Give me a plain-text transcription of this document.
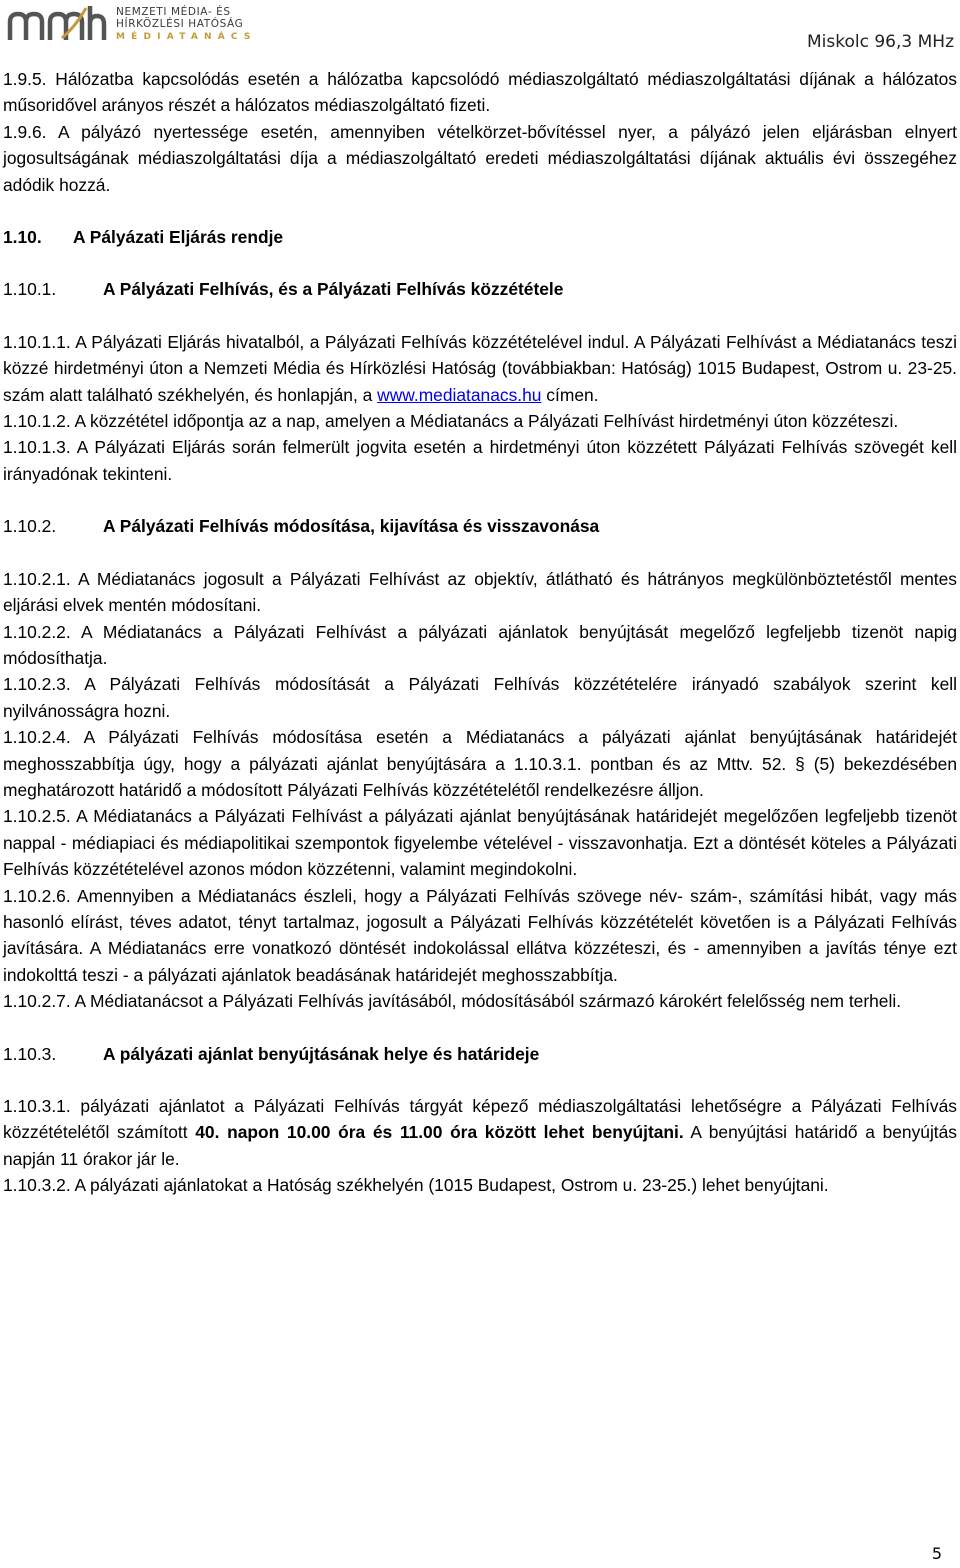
NEMZETI MÉDIA- ÉS
HÍRKÖZLÉSI HATÓSÁG
MÉDIATANÁCS	Miskolc 96,3 MHz

1.9.5. Hálózatba kapcsolódás esetén a hálózatba kapcsolódó médiaszolgáltató médiaszolgáltatási díjának a hálózatos műsoridővel arányos részét a hálózatos médiaszolgáltató fizeti.

1.9.6. A pályázó nyertessége esetén, amennyiben vételkörzet-bővítéssel nyer, a pályázó jelen eljárásban elnyert jogosultságának médiaszolgáltatási díja a médiaszolgáltató eredeti médiaszolgáltatási díjának aktuális évi összegéhez adódik hozzá.

1.10. A Pályázati Eljárás rendje

1.10.1.	A Pályázati Felhívás, és a Pályázati Felhívás közzététele

1.10.1.1. A Pályázati Eljárás hivatalból, a Pályázati Felhívás közzétételével indul. A Pályázati Felhívást a Médiatanács teszi közzé hirdetményi úton a Nemzeti Média és Hírközlési Hatóság (továbbiakban: Hatóság) 1015 Budapest, Ostrom u. 23-25. szám alatt található székhelyén, és honlapján, a www.mediatanacs.hu címen.

1.10.1.2. A közzététel időpontja az a nap, amelyen a Médiatanács a Pályázati Felhívást hirdetményi úton közzéteszi.

1.10.1.3. A Pályázati Eljárás során felmerült jogvita esetén a hirdetményi úton közzétett Pályázati Felhívás szövegét kell irányadónak tekinteni.

1.10.2.	A Pályázati Felhívás módosítása, kijavítása és visszavonása

1.10.2.1. A Médiatanács jogosult a Pályázati Felhívást az objektív, átlátható és hátrányos megkülönböztetéstől mentes eljárási elvek mentén módosítani.

1.10.2.2. A Médiatanács a Pályázati Felhívást a pályázati ajánlatok benyújtását megelőző legfeljebb tizenöt napig módosíthatja.

1.10.2.3. A Pályázati Felhívás módosítását a Pályázati Felhívás közzétételére irányadó szabályok szerint kell nyilvánosságra hozni.

1.10.2.4. A Pályázati Felhívás módosítása esetén a Médiatanács a pályázati ajánlat benyújtásának határidejét meghosszabbítja úgy, hogy a pályázati ajánlat benyújtására a 1.10.3.1. pontban és az Mttv. 52. § (5) bekezdésében meghatározott határidő a módosított Pályázati Felhívás közzétételétől rendelkezésre álljon.

1.10.2.5. A Médiatanács a Pályázati Felhívást a pályázati ajánlat benyújtásának határidejét megelőzően legfeljebb tizenöt nappal - médiapiaci és médiapolitikai szempontok figyelembe vételével - visszavonhatja. Ezt a döntését köteles a Pályázati Felhívás közzétételével azonos módon közzétenni, valamint megindokolni.

1.10.2.6. Amennyiben a Médiatanács észleli, hogy a Pályázati Felhívás szövege név- szám-, számítási hibát, vagy más hasonló elírást, téves adatot, tényt tartalmaz, jogosult a Pályázati Felhívás közzétételét követően is a Pályázati Felhívás javítására. A Médiatanács erre vonatkozó döntését indokolással ellátva közzéteszi, és - amennyiben a javítás ténye ezt indokolttá teszi - a pályázati ajánlatok beadásának határidejét meghosszabbítja.

1.10.2.7. A Médiatanácsot a Pályázati Felhívás javításából, módosításából származó károkért felelősség nem terheli.

1.10.3.	A pályázati ajánlat benyújtásának helye és határideje

1.10.3.1. pályázati ajánlatot a Pályázati Felhívás tárgyát képező médiaszolgáltatási lehetőségre a Pályázati Felhívás közzétételétől számított 40. napon 10.00 óra és 11.00 óra között lehet benyújtani. A benyújtási határidő a benyújtás napján 11 órakor jár le.

1.10.3.2. A pályázati ajánlatokat a Hatóság székhelyén (1015 Budapest, Ostrom u. 23-25.) lehet benyújtani.

5
